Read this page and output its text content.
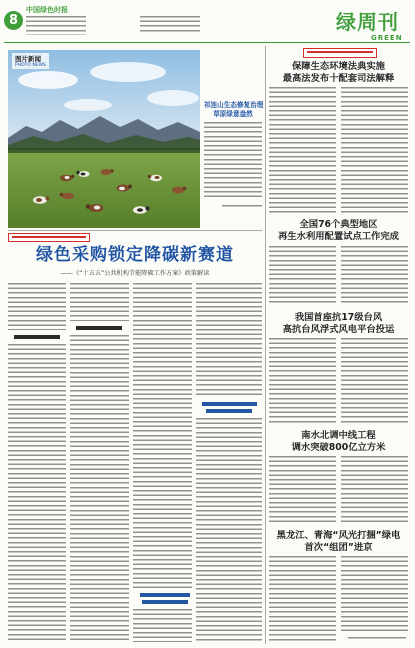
8
中国绿色时报	绿周刊
GREEN
图片新闻
PHOTO NEWS
祁连山生态修复治理
草原绿意盎然
绿色采购锁定降碳新赛道
——《“十五五”公共机构节能降碳工作方案》政策解读
保障生态环境法典实施
最高法发布十配套司法解释
全国76个典型地区
再生水利用配置试点工作完成
我国首座抗17级台风
高抗台风浮式风电平台投运
南水北调中线工程
调水突破800亿立方米
黑龙江、青海“风光打捆”绿电
首次“组团”进京
